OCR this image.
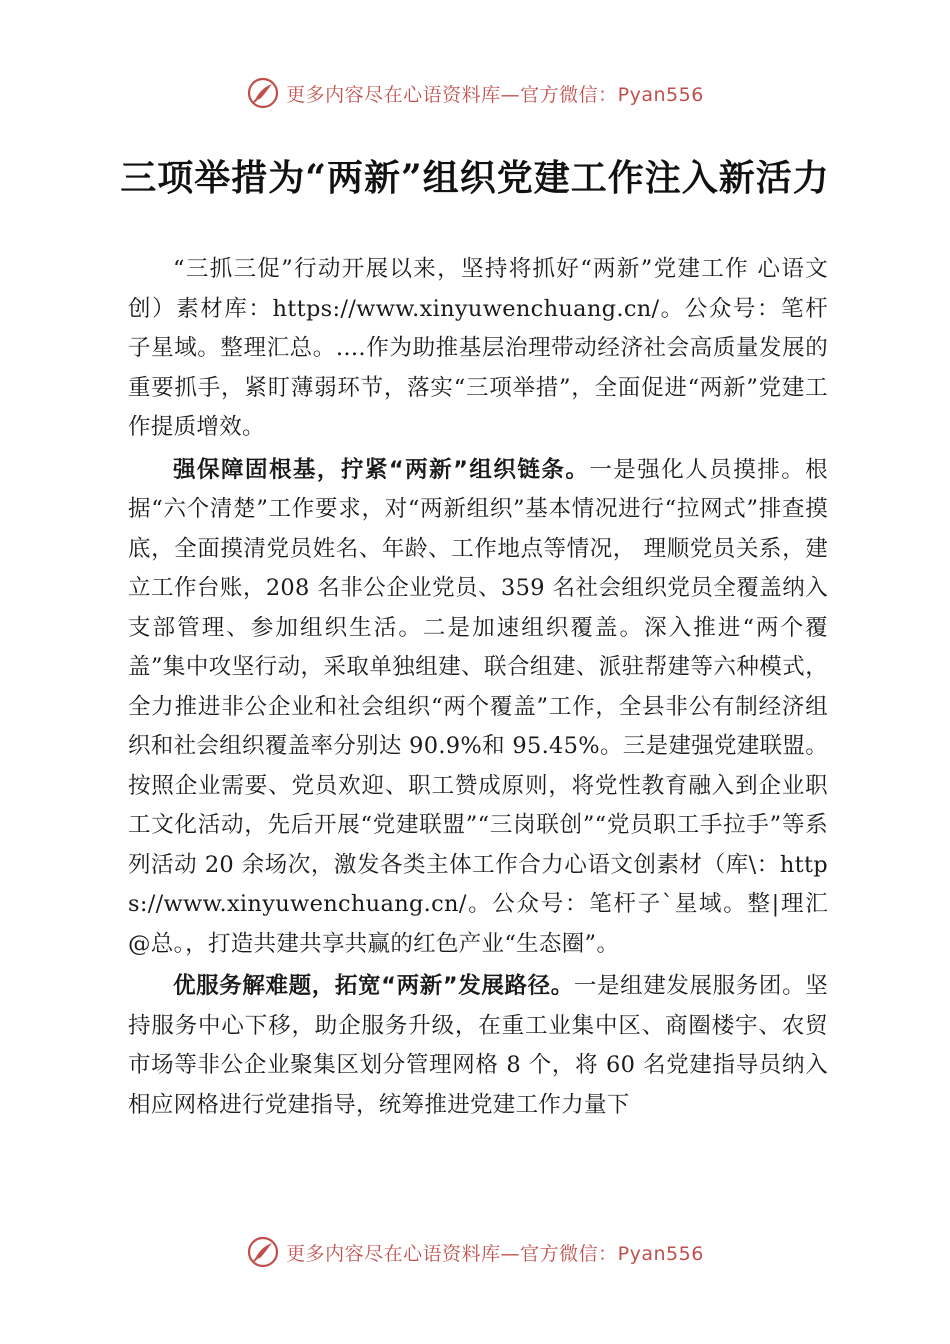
更多内容尽在心语资料库—官方微信：Pyan556
三项举措为“两新”组织党建工作注入新活力

“三抓三促”行动开展以来，坚持将抓好“两新”党建工作 心语文创）素材库：https://www.xinyuwenchuang.cn/。公众号：笔杆子星域。整理汇总。.…作为助推基层治理带动经济社会高质量发展的重要抓手，紧盯薄弱环节，落实“三项举措”，全面促进“两新”党建工作提质增效。

强保障固根基，拧紧“两新”组织链条。一是强化人员摸排。根据“六个清楚”工作要求，对“两新组织”基本情况进行“拉网式”排查摸底，全面摸清党员姓名、年龄、工作地点等情况， 理顺党员关系，建立工作台账，208 名非公企业党员、359 名社会组织党员全覆盖纳入支部管理、参加组织生活。二是加速组织覆盖。深入推进“两个覆盖”集中攻坚行动，采取单独组建、联合组建、派驻帮建等六种模式，全力推进非公企业和社会组织“两个覆盖”工作，全县非公有制经济组织和社会组织覆盖率分别达 90.9%和 95.45%。三是建强党建联盟。按照企业需要、党员欢迎、职工赞成原则，将党性教育融入到企业职工文化活动，先后开展“党建联盟”“三岗联创”“党员职工手拉手”等系列活动 20 余场次，激发各类主体工作合力心语文创素材（库\：https://www.xinyuwenchuang.cn/。公众号：笔杆子`星域。整|理汇@总。，打造共建共享共赢的红色产业“生态圈”。

优服务解难题，拓宽“两新”发展路径。一是组建发展服务团。坚持服务中心下移，助企服务升级，在重工业集中区、商圈楼宇、农贸市场等非公企业聚集区划分管理网格 8 个，将 60 名党建指导员纳入相应网格进行党建指导，统筹推进党建工作力量下

更多内容尽在心语资料库—官方微信：Pyan556
